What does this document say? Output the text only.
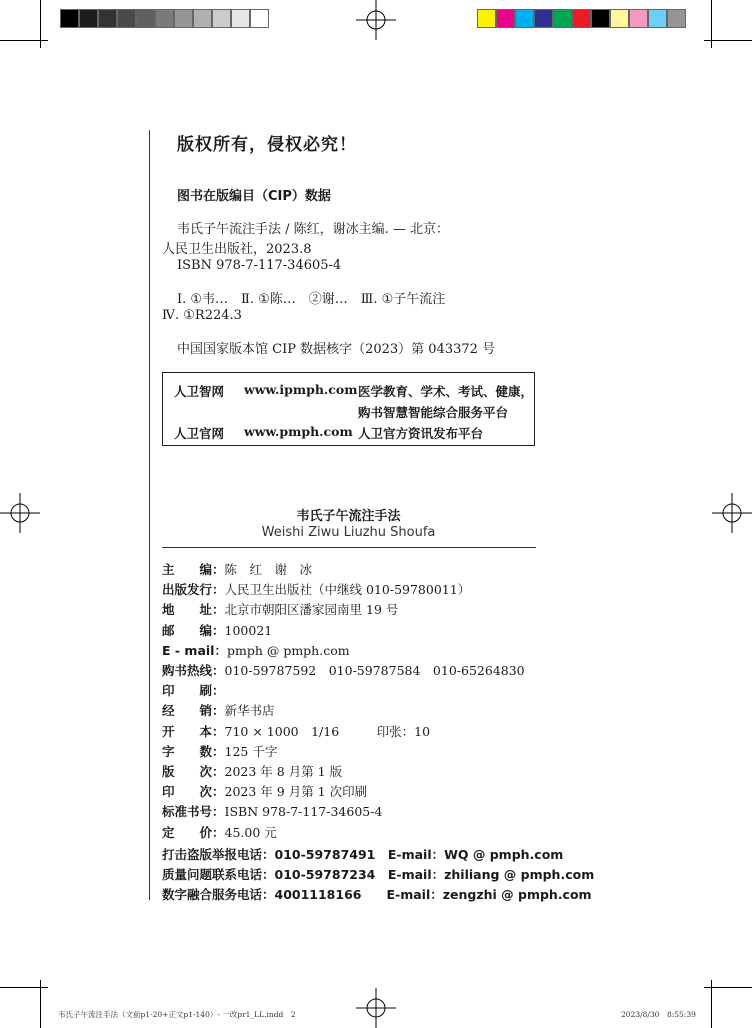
版权所有，侵权必究！
图书在版编目（CIP）数据
韦氏子午流注手法 / 陈红，谢冰主编. — 北京：
人民卫生出版社，2023.8
ISBN 978-7-117-34605-4
Ⅰ. ①韦…　Ⅱ. ①陈…　②谢…　Ⅲ. ①子午流注
Ⅳ. ①R224.3
中国国家版本馆 CIP 数据核字（2023）第 043372 号
人卫智网 www.ipmph.com 医学教育、学术、考试、健康，
购书智慧智能综合服务平台
人卫官网 www.pmph.com 人卫官方资讯发布平台
韦氏子午流注手法
Weishi Ziwu Liuzhu Shoufa
主　　编：陈　红　谢　冰
出版发行：人民卫生出版社（中继线 010-59780011）
地　　址：北京市朝阳区潘家园南里 19 号
邮　　编：100021
E - mail：pmph @ pmph.com
购书热线：010-59787592　010-59787584　010-65264830
印　　刷：
经　　销：新华书店
开　　本：710 × 1000　1/16　　　印张：10
字　　数：125 千字
版　　次：2023 年 8 月第 1 版
印　　次：2023 年 9 月第 1 次印刷
标准书号：ISBN 978-7-117-34605-4
定　　价：45.00 元
打击盗版举报电话：010-59787491　E-mail：WQ @ pmph.com
质量问题联系电话：010-59787234　E-mail：zhiliang @ pmph.com
数字融合服务电话：4001118166　　E-mail：zengzhi @ pmph.com
韦氏子午流注手法（文前p1-20+正文p1-140）- 一改pr1_LL.indd　2	2023/8/30　8:55:39
